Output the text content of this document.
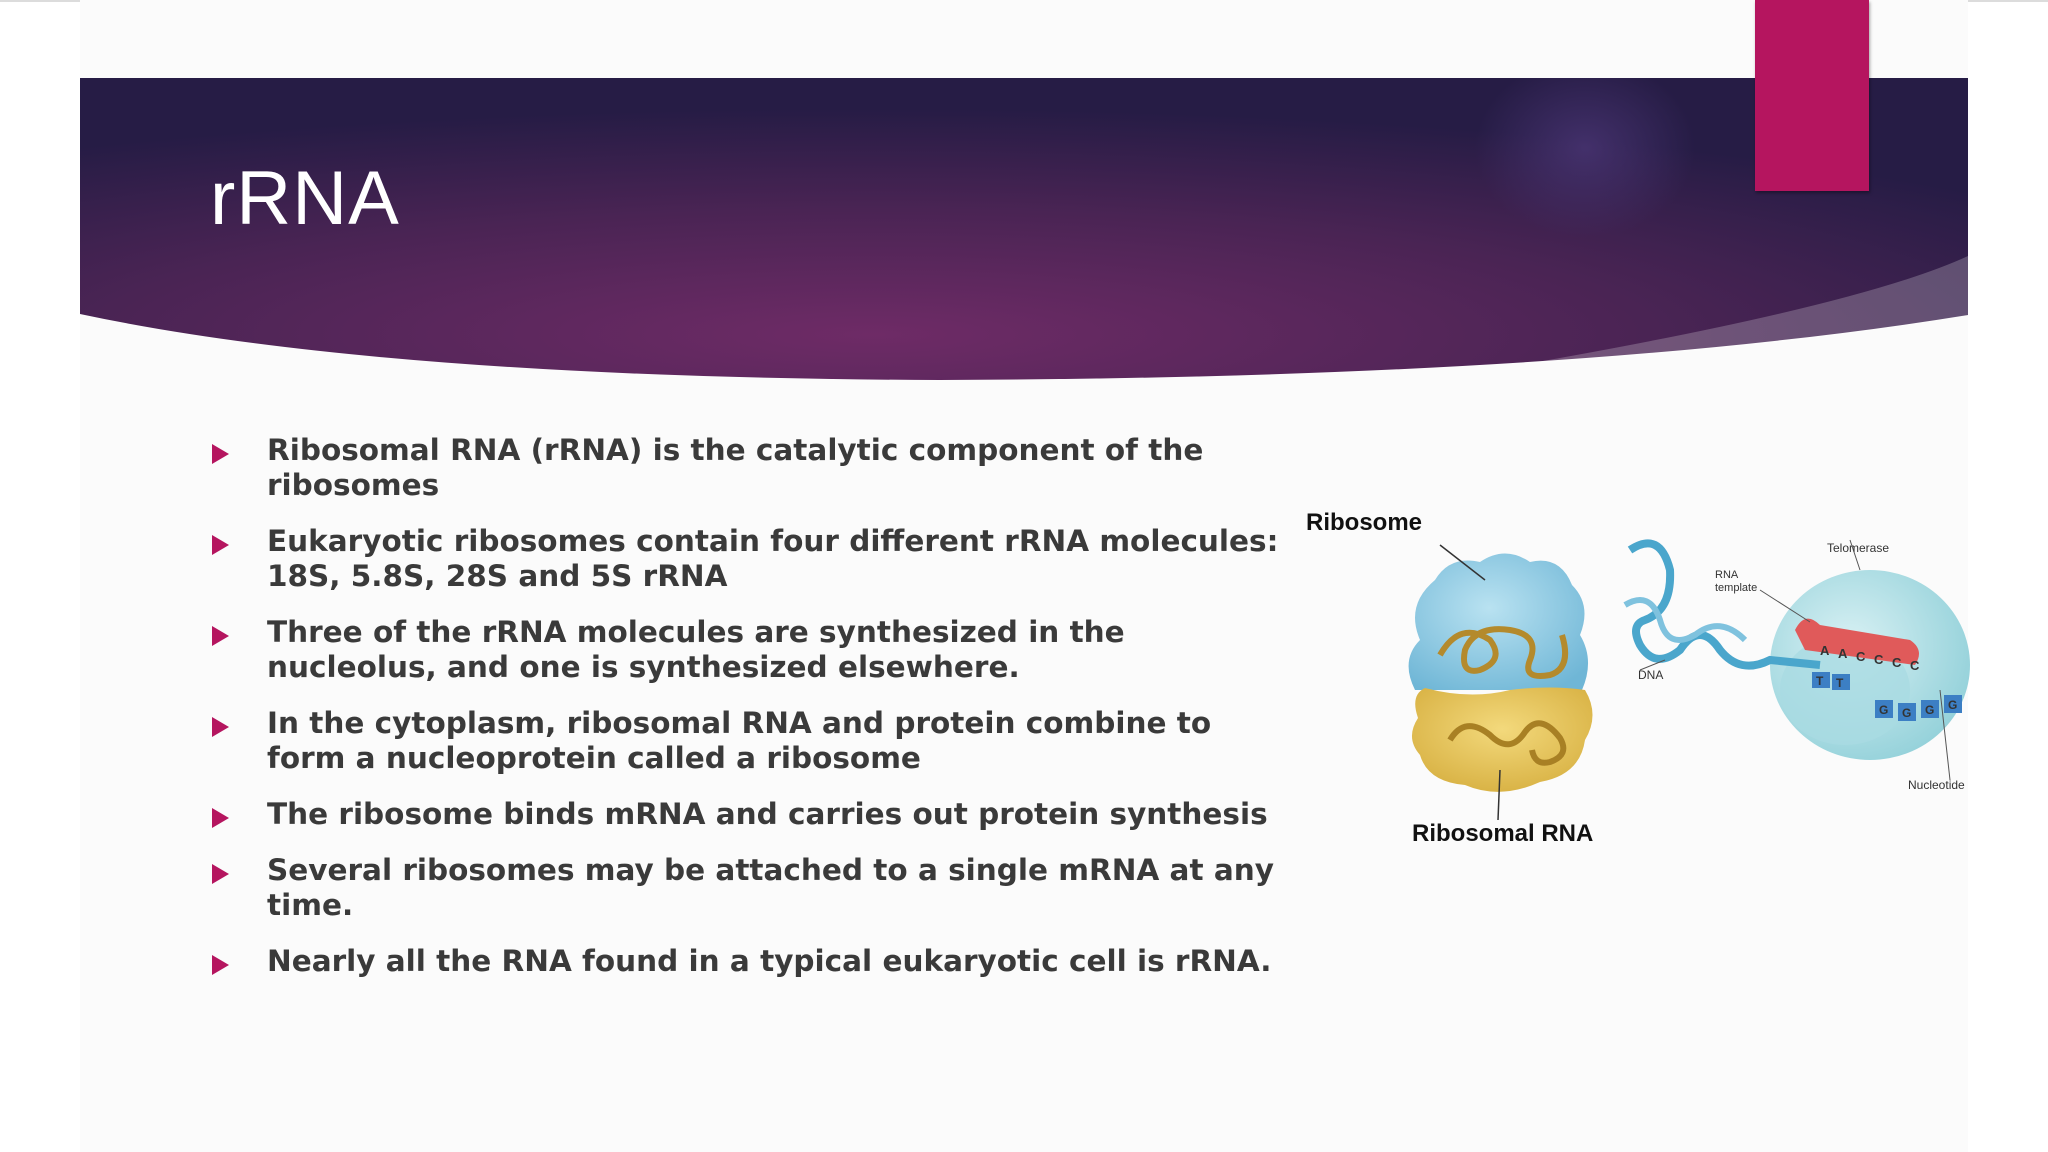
rRNA
Ribosomal RNA (rRNA) is the catalytic component of the ribosomes
Eukaryotic ribosomes contain four different rRNA molecules: 18S, 5.8S, 28S and 5S rRNA
Three of the rRNA molecules are synthesized in the nucleolus, and one is synthesized elsewhere.
In the cytoplasm, ribosomal RNA and protein combine to form a nucleoprotein called a ribosome
The ribosome binds mRNA and carries out protein synthesis
Several ribosomes may be attached to a single mRNA at any time.
Nearly all the RNA found in a typical eukaryotic cell is rRNA.
Ribosome
Ribosomal RNA
A A C C C C
T T
G G G G
Telomerase
RNA
template
DNA
Nucleotide
